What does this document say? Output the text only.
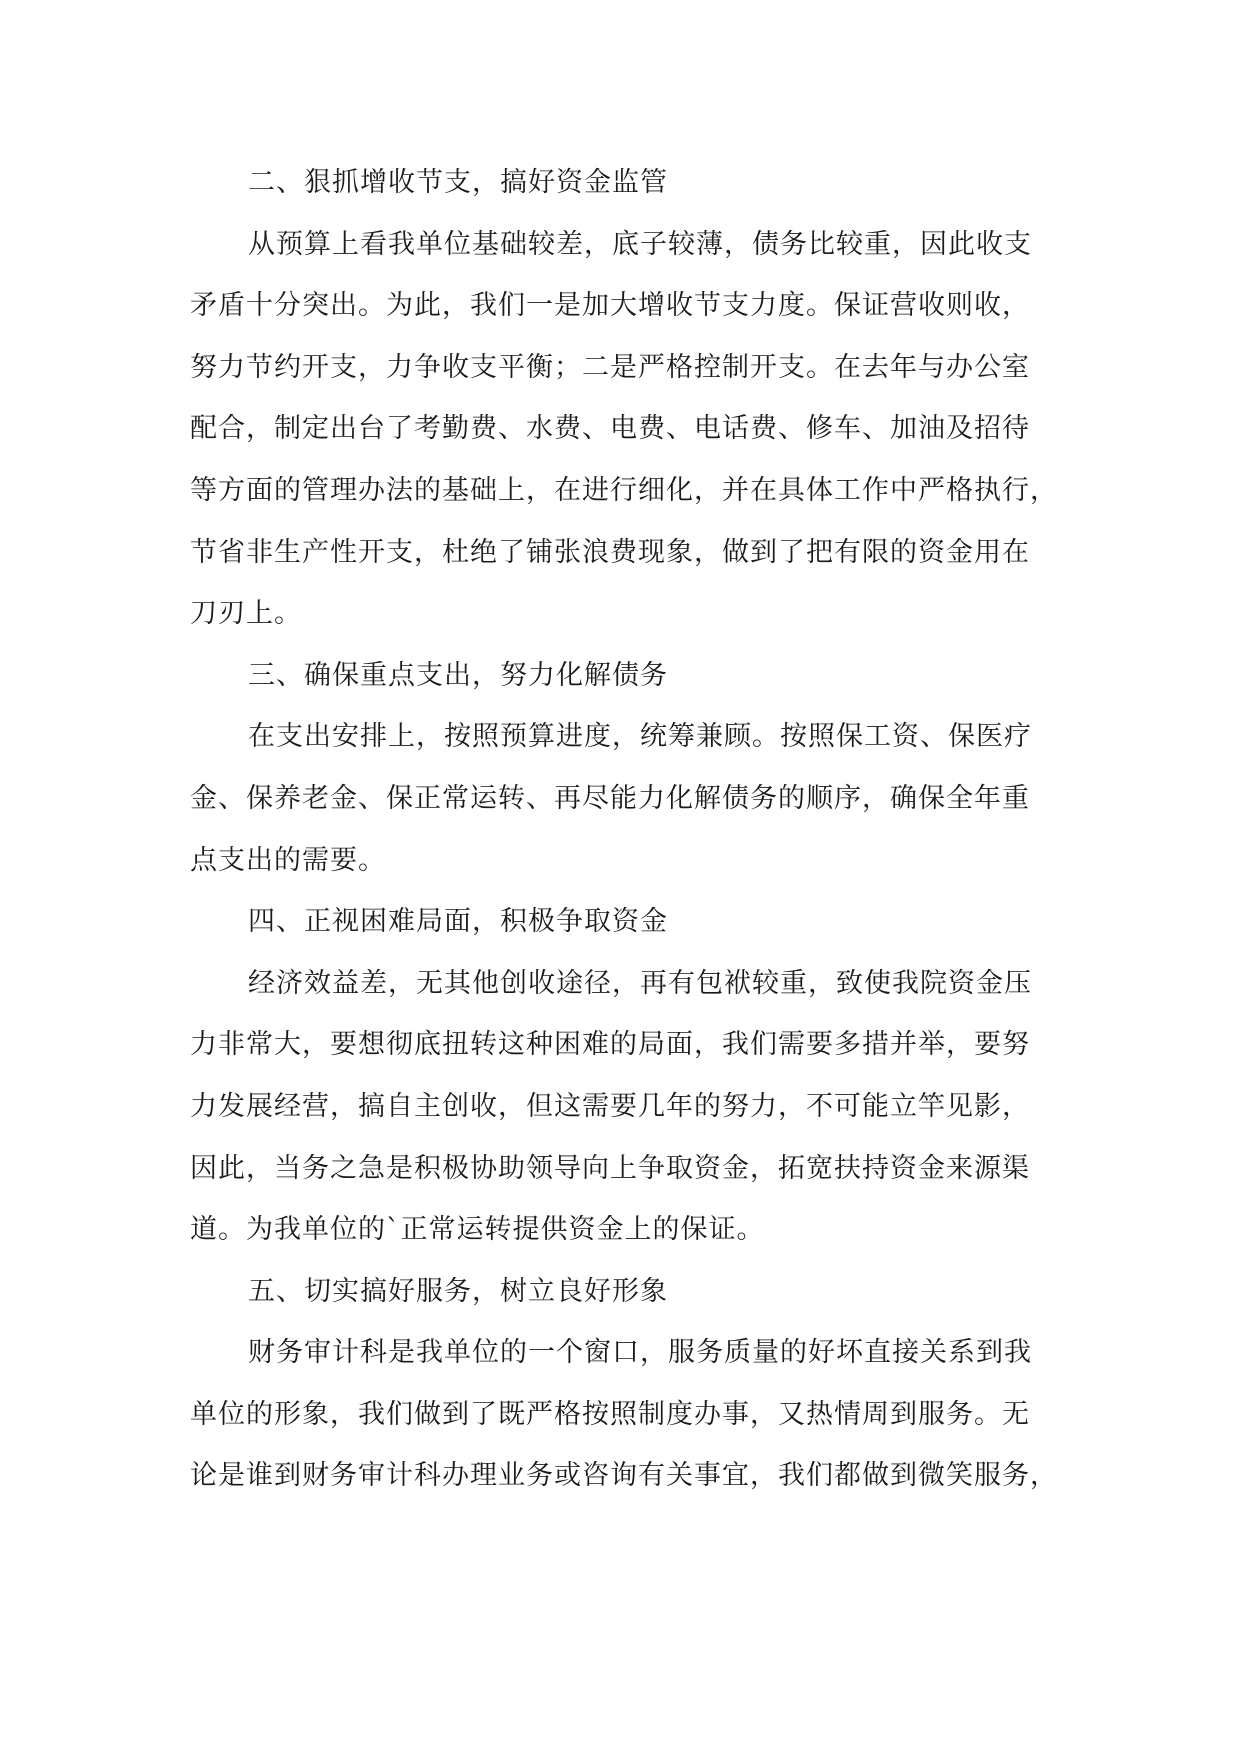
二、狠抓增收节支，搞好资金监管
从预算上看我单位基础较差，底子较薄，债务比较重，因此收支
矛盾十分突出。为此，我们一是加大增收节支力度。保证营收则收，
努力节约开支，力争收支平衡；二是严格控制开支。在去年与办公室
配合，制定出台了考勤费、水费、电费、电话费、修车、加油及招待
等方面的管理办法的基础上，在进行细化，并在具体工作中严格执行，
节省非生产性开支，杜绝了铺张浪费现象，做到了把有限的资金用在
刀刃上。
三、确保重点支出，努力化解债务
在支出安排上，按照预算进度，统筹兼顾。按照保工资、保医疗
金、保养老金、保正常运转、再尽能力化解债务的顺序，确保全年重
点支出的需要。
四、正视困难局面，积极争取资金
经济效益差，无其他创收途径，再有包袱较重，致使我院资金压
力非常大，要想彻底扭转这种困难的局面，我们需要多措并举，要努
力发展经营，搞自主创收，但这需要几年的努力，不可能立竿见影，
因此，当务之急是积极协助领导向上争取资金，拓宽扶持资金来源渠
道。为我单位的`正常运转提供资金上的保证。
五、切实搞好服务，树立良好形象
财务审计科是我单位的一个窗口，服务质量的好坏直接关系到我
单位的形象，我们做到了既严格按照制度办事，又热情周到服务。无
论是谁到财务审计科办理业务或咨询有关事宜，我们都做到微笑服务，
